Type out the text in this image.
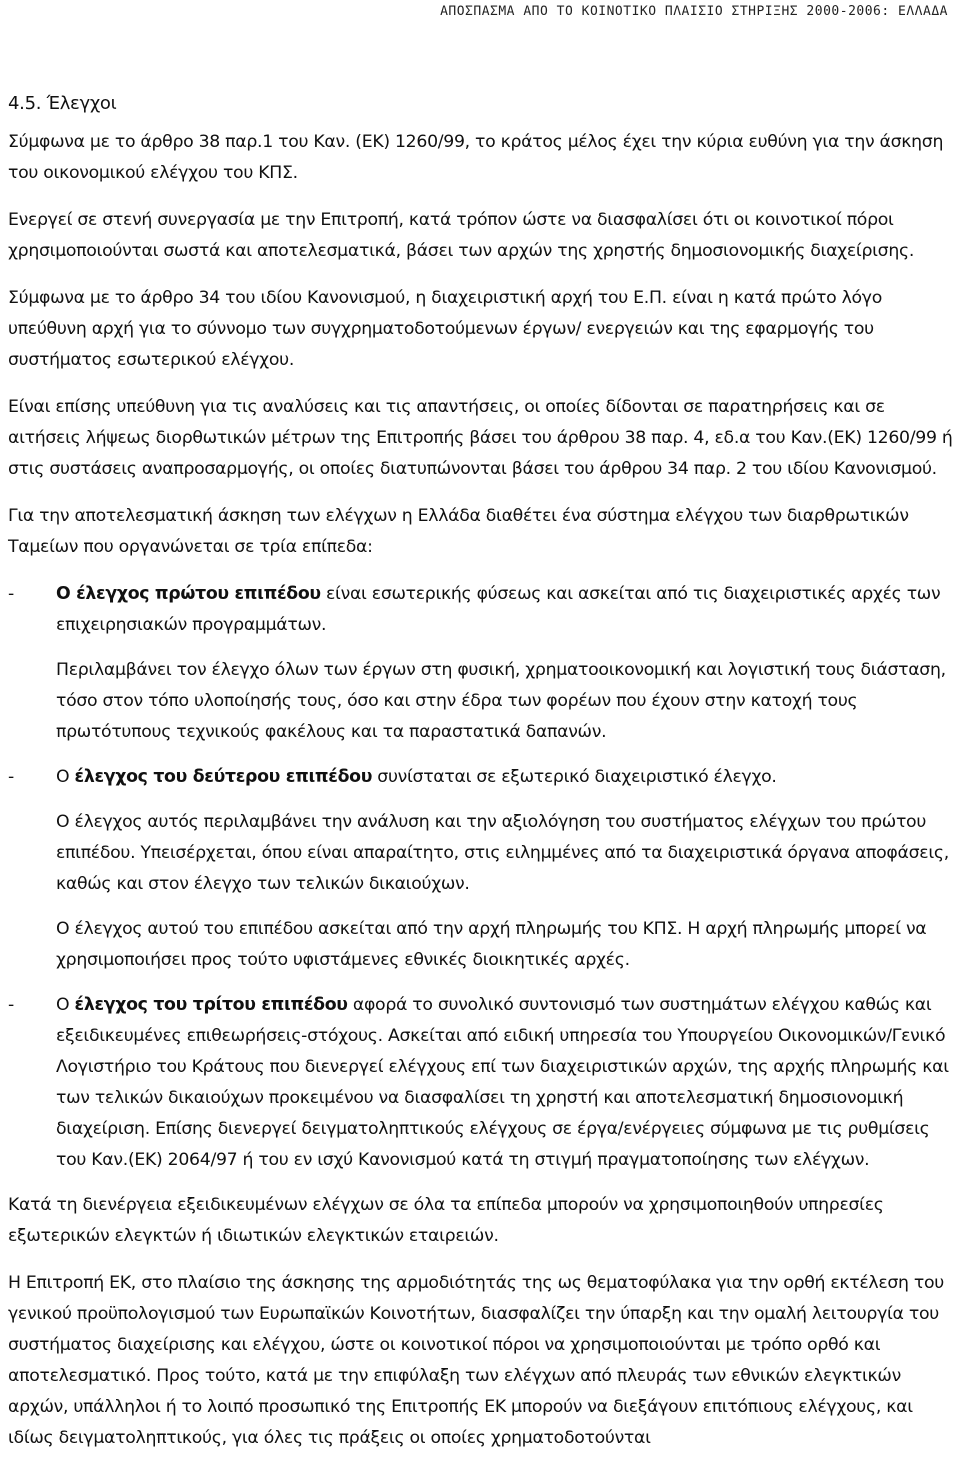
ΑΠΟΣΠΑΣΜΑ ΑΠΟ ΤΟ ΚΟΙΝΟΤΙΚΟ ΠΛΑΙΣΙΟ ΣΤΗΡΙΞΗΣ 2000-2006: ΕΛΛΑΔΑ
4.5. Έλεγχοι

Σύμφωνα με το άρθρο 38 παρ.1 του Καν. (ΕΚ) 1260/99, το κράτος μέλος έχει την κύρια ευθύνη για την άσκηση του οικονομικού ελέγχου του ΚΠΣ.

Ενεργεί σε στενή συνεργασία με την Επιτροπή, κατά τρόπον ώστε να διασφαλίσει ότι οι κοινοτικοί πόροι χρησιμοποιούνται σωστά και αποτελεσματικά, βάσει των αρχών της χρηστής δημοσιονομικής διαχείρισης.

Σύμφωνα με το άρθρο 34 του ιδίου Κανονισμού, η διαχειριστική αρχή του Ε.Π. είναι η κατά πρώτο λόγο υπεύθυνη αρχή για το σύννομο των συγχρηματοδοτούμενων έργων/ ενεργειών και της εφαρμογής του συστήματος εσωτερικού ελέγχου.

Είναι επίσης υπεύθυνη για τις αναλύσεις και τις απαντήσεις, οι οποίες δίδονται σε παρατηρήσεις και σε αιτήσεις λήψεως διορθωτικών μέτρων της Επιτροπής βάσει του άρθρου 38 παρ. 4, εδ.α του Καν.(ΕΚ) 1260/99 ή στις συστάσεις αναπροσαρμογής, οι οποίες διατυπώνονται βάσει του άρθρου 34 παρ. 2 του ιδίου Κανονισμού.

Για την αποτελεσματική άσκηση των ελέγχων η Ελλάδα διαθέτει ένα σύστημα ελέγχου των διαρθρωτικών Ταμείων που οργανώνεται σε τρία επίπεδα:

- Ο έλεγχος πρώτου επιπέδου είναι εσωτερικής φύσεως και ασκείται από τις διαχειριστικές αρχές των επιχειρησιακών προγραμμάτων.

Περιλαμβάνει τον έλεγχο όλων των έργων στη φυσική, χρηματοοικονομική και λογιστική τους διάσταση, τόσο στον τόπο υλοποίησής τους, όσο και στην έδρα των φορέων που έχουν στην κατοχή τους πρωτότυπους τεχνικούς φακέλους και τα παραστατικά δαπανών.

- Ο έλεγχος του δεύτερου επιπέδου συνίσταται σε εξωτερικό διαχειριστικό έλεγχο.

Ο έλεγχος αυτός περιλαμβάνει την ανάλυση και την αξιολόγηση του συστήματος ελέγχων του πρώτου επιπέδου. Υπεισέρχεται, όπου είναι απαραίτητο, στις ειλημμένες από τα διαχειριστικά όργανα αποφάσεις, καθώς και στον έλεγχο των τελικών δικαιούχων.

Ο έλεγχος αυτού του επιπέδου ασκείται από την αρχή πληρωμής του ΚΠΣ. Η αρχή πληρωμής μπορεί να χρησιμοποιήσει προς τούτο υφιστάμενες εθνικές διοικητικές αρχές.

- Ο έλεγχος του τρίτου επιπέδου αφορά το συνολικό συντονισμό των συστημάτων ελέγχου καθώς και εξειδικευμένες επιθεωρήσεις-στόχους. Ασκείται από ειδική υπηρεσία του Υπουργείου Οικονομικών/Γενικό Λογιστήριο του Κράτους που διενεργεί ελέγχους επί των διαχειριστικών αρχών, της αρχής πληρωμής και των τελικών δικαιούχων προκειμένου να διασφαλίσει τη χρηστή και αποτελεσματική δημοσιονομική διαχείριση. Επίσης διενεργεί δειγματοληπτικούς ελέγχους σε έργα/ενέργειες σύμφωνα με τις ρυθμίσεις του Καν.(ΕΚ) 2064/97 ή του εν ισχύ Κανονισμού κατά τη στιγμή πραγματοποίησης των ελέγχων.

Κατά τη διενέργεια εξειδικευμένων ελέγχων σε όλα τα επίπεδα μπορούν να χρησιμοποιηθούν υπηρεσίες εξωτερικών ελεγκτών ή ιδιωτικών ελεγκτικών εταιρειών.

Η Επιτροπή ΕΚ, στο πλαίσιο της άσκησης της αρμοδιότητάς της ως θεματοφύλακα για την ορθή εκτέλεση του γενικού προϋπολογισμού των Ευρωπαϊκών Κοινοτήτων, διασφαλίζει την ύπαρξη και την ομαλή λειτουργία του συστήματος διαχείρισης και ελέγχου, ώστε οι κοινοτικοί πόροι να χρησιμοποιούνται με τρόπο ορθό και αποτελεσματικό. Προς τούτο, κατά με την επιφύλαξη των ελέγχων από πλευράς των εθνικών ελεγκτικών αρχών, υπάλληλοι ή το λοιπό προσωπικό της Επιτροπής ΕΚ μπορούν να διεξάγουν επιτόπιους ελέγχους, και ιδίως δειγματοληπτικούς, για όλες τις πράξεις οι οποίες χρηματοδοτούνται
